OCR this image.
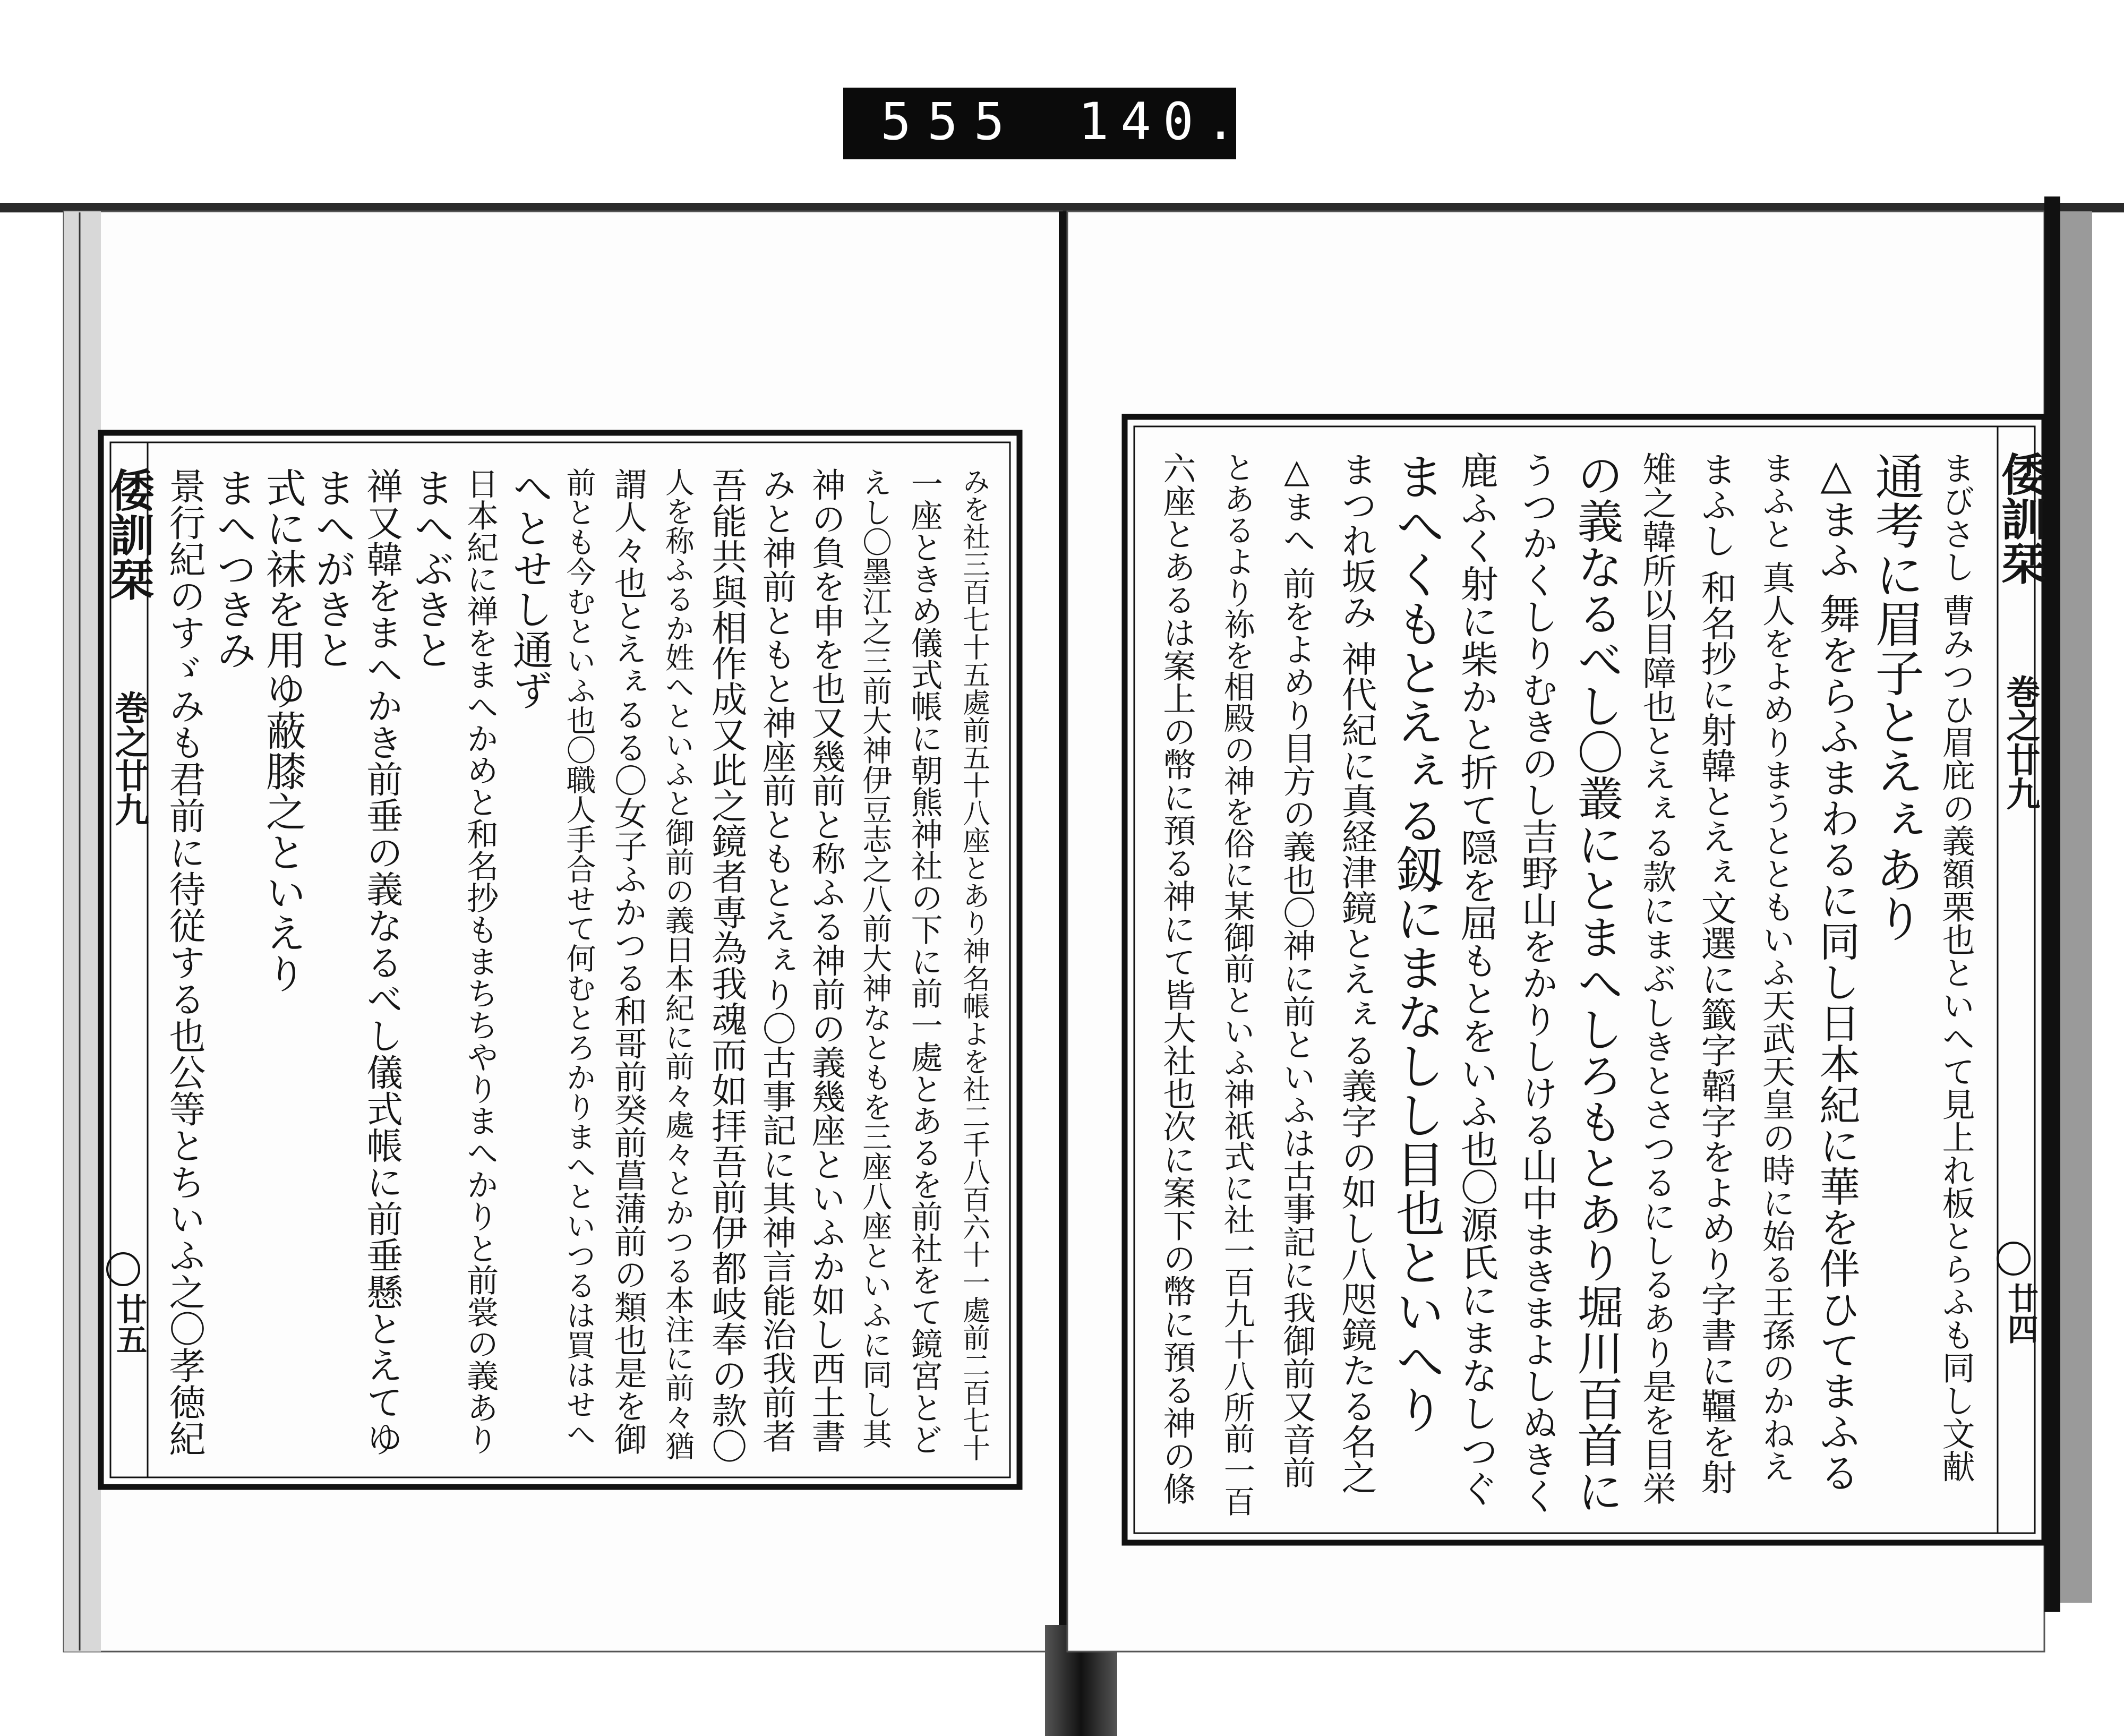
555 140.
みを社三百七十五處前五十八座とあり神名帳よを社二千八百六十一處前二百七十
一座ときめ儀式帳に朝熊神社の下に前一處とあるを前社をて鏡宮とど
えし〇墨江之三前大神伊豆志之八前大神なともを三座八座といふに同し其
神の負を申を也又幾前と称ふる神前の義幾座といふか如し西土書
みと神前ともと神座前ともとえぇり〇古事記に其神言能治我前者
吾能共與相作成又此之鏡者専為我魂而如拝吾前伊都岐奉の款〇
人を称ふるか姓へといふと御前の義日本紀に前々處々とかつる本注に前々猶
謂人々也とえぇるる〇女子ふかつる和哥前癸前菖蒲前の類也是を御
前とも今むといふ也〇職人手合せて何むとろかりまへといつるは買はせへ
へとせし通ず
日本紀に禅をまへかめと和名抄もまちちやりまへかりと前裳の義あり
まへぶきと
禅又韓をまへかき前垂の義なるべし儀式帳に前垂懸とえてゆ
まへがきと
式に袜を用ゆ蔽膝之といえり
まへつきみ
景行紀のすゞみも君前に待従する也公等とちいふ之〇孝徳紀
倭訓栞
巻之廿九
廿五	まびさし 曹みつひ眉庇の義額栗也といへて見上れ板とらふも同し文献
通考に眉子とえぇあり
△まふ 舞をらふまわるに同し日本紀に華を伴ひてまふる
まふと 真人をよめりまうとともいふ天武天皇の時に始る王孫のかねえ
まふし 和名抄に射韓とえぇ文選に籤字韜字をよめり字書に韁を射
雉之韓所以目障也とえぇる款にまぶしきとさつるにしるあり是を目栄
の義なるべし〇叢にとまへしろもとあり堀川百首に
うつかくしりむきのし吉野山をかりしける山中まきまよしぬきく
鹿ふく射に柴かと折て隠を屈もとをいふ也〇源氏にまなしつぐ
まへくもとえぇる釼にまなしし目也といへり
まつれ坂み 神代紀に真経津鏡とえぇる義字の如し八咫鏡たる名之
△まへ 前をよめり目方の義也〇神に前といふは古事記に我御前又音前
とあるより袮を相殿の神を俗に某御前といふ神祇式に社一百九十八所前一百
六座とあるは案上の幣に預る神にて皆大社也次に案下の幣に預る神の條	倭訓栞
巻之廿九
廿四
